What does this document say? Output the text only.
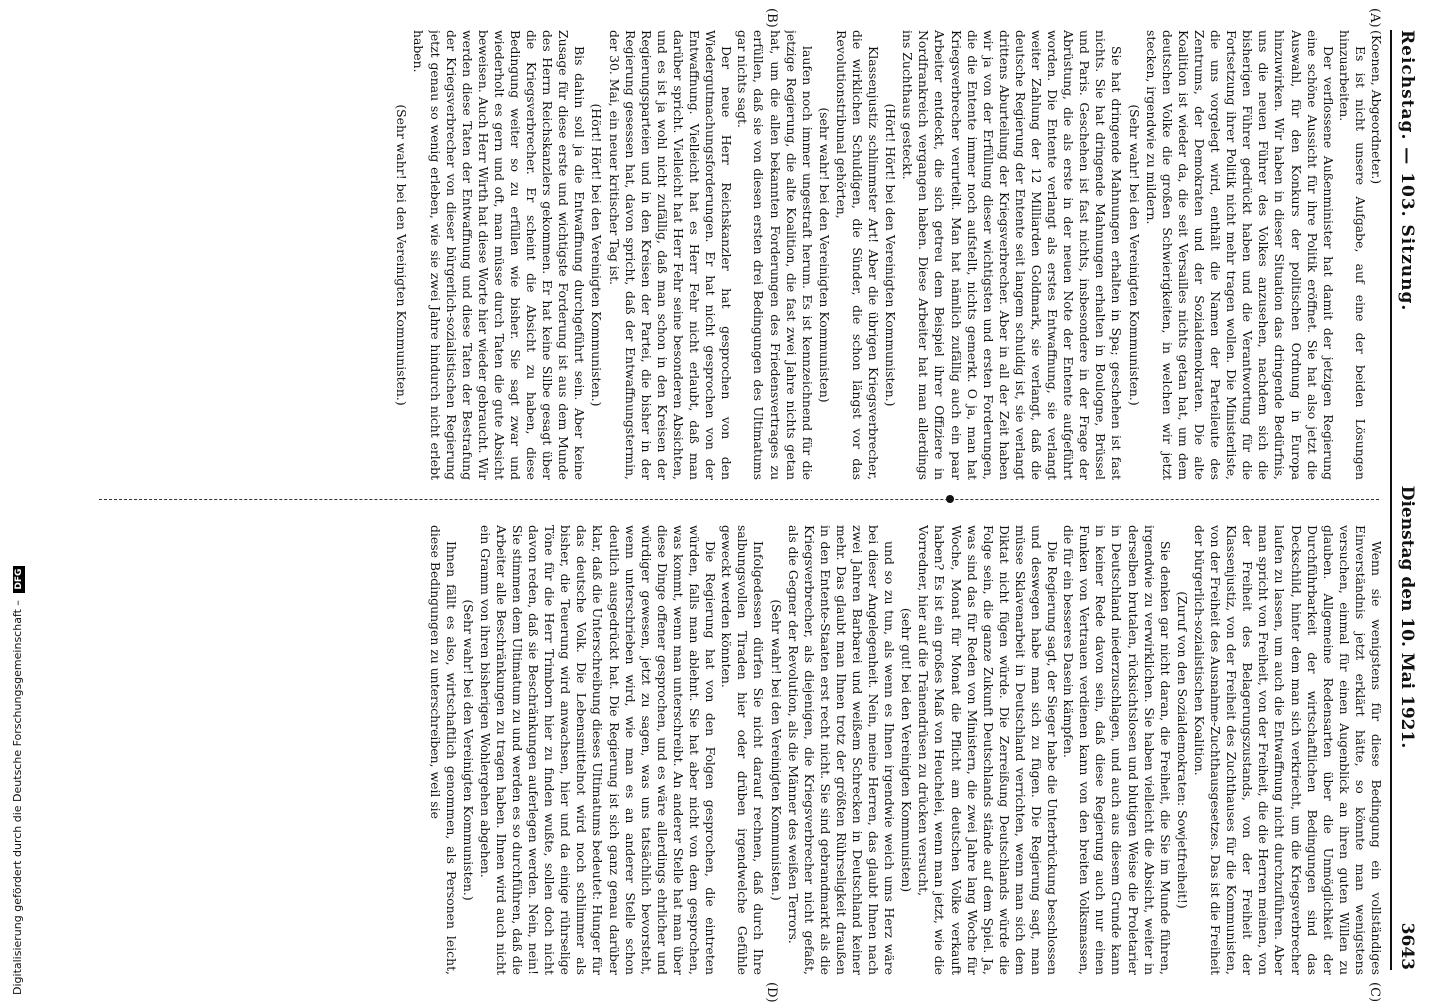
Digitalisierung gefördert durch die Deutsche Forschungsgemeinschaft – DFG
Reichstag. — 103. Sitzung.
Dienstag den 10. Mai 1921.
3643
(A)
(B)
(C)
(D)

(Koenen, Abgeordneter.)

Es ist nicht unsere Aufgabe, auf eine der beiden Lösungen hinzuarbeiten.

Der verflossene Außenminister hat damit der jetzigen Regierung eine schöne Aussicht für ihre Politik eröffnet. Sie hat also jetzt die Auswahl, für den Konkurs der politischen Ordnung in Europa hinzuwirken. Wir haben in dieser Situation das dringende Bedürfnis, uns die neuen Führer des Volkes anzusehen, nachdem sich die bisherigen Führer gedrückt haben und die Verantwortung für die Fortsetzung ihrer Politik nicht mehr tragen wollen. Die Ministerliste, die uns vorgelegt wird, enthält die Namen der Parteileute des Zentrums, der Demokraten und der Sozialdemokraten. Die alte Koalition ist wieder da, die seit Versailles nichts getan hat, um dem deutschen Volke die großen Schwierigkeiten, in welchen wir jetzt stecken, irgendwie zu mildern.

(Sehr wahr! bei den Vereinigten Kommunisten.)

Sie hat dringende Mahnungen erhalten in Spa; geschehen ist fast nichts. Sie hat dringende Mahnungen erhalten in Boulogne, Brüssel und Paris. Geschehen ist fast nichts, insbesondere in der Frage der Abrüstung, die als erste in der neuen Note der Entente aufgeführt worden. Die Entente verlangt als erstes Entwaffnung, sie verlangt weiter Zahlung der 12 Milliarden Goldmark, sie verlangt, daß die deutsche Regierung der Entente seit langem schuldig ist, sie verlangt drittens Aburteilung der Kriegsverbrecher. Aber in all der Zeit haben wir ja von der Erfüllung dieser wichtigsten und ersten Forderungen, die die Entente immer noch aufstellt, nichts gemerkt. O ja, man hat Kriegsverbrecher verurteilt. Man hat nämlich zufällig auch ein paar Arbeiter entdeckt, die sich getreu dem Beispiel ihrer Offiziere in Nordfrankreich vergangen haben. Diese Arbeiter hat man allerdings ins Zuchthaus gesteckt.

(Hört! Hört! bei den Vereinigten Kommunisten.)

Klassenjustiz schlimmster Art! Aber die übrigen Kriegsverbrecher, die wirklichen Schuldigen, die Sünder, die schon längst vor das Revolutionstribunal gehörten,

(sehr wahr! bei den Vereinigten Kommunisten)

laufen noch immer ungestraft herum. Es ist kennzeichnend für die jetzige Regierung, die alte Koalition, die fast zwei Jahre nichts getan hat, um die allen bekannten Forderungen des Friedensvertrages zu erfüllen, daß sie von diesen ersten drei Bedingungen des Ultimatums gar nichts sagt.

Der neue Herr Reichskanzler hat gesprochen von den Wiedergutmachungsforderungen. Er hat nicht gesprochen von der Entwaffnung. Vielleicht hat es Herr Fehr nicht erlaubt, daß man darüber spricht. Vielleicht hat Herr Fehr seine besonderen Absichten, und es ist ja wohl nicht zufällig, daß man schon in den Kreisen der Regierungsparteien und in den Kreisen der Partei, die bisher in der Regierung gesessen hat, davon spricht, daß der Entwaffnungstermin, der 30. Mai, ein neuer kritischer Tag ist.

(Hört! Hört! bei den Vereinigten Kommunisten.)

Bis dahin soll ja die Entwaffnung durchgeführt sein. Aber keine Zusage für diese erste und wichtigste Forderung ist aus dem Munde des Herrn Reichskanzlers gekommen. Er hat keine Silbe gesagt über die Kriegsverbrecher. Er scheint die Absicht zu haben, diese Bedingung weiter so zu erfüllen wie bisher. Sie sagt zwar und wiederholt es gern und oft, man müsse durch Taten die gute Absicht beweisen. Auch Herr Wirth hat diese Worte hier wieder gebraucht. Wir werden diese Taten der Entwaffnung und diese Taten der Bestrafung der Kriegsverbrecher von dieser bürgerlich-sozialistischen Regierung jetzt genau so wenig erleben, wie sie zwei Jahre hindurch nicht erlebt haben.

(Sehr wahr! bei den Vereinigten Kommunisten.)

Wenn sie wenigstens für diese Bedingung ein vollständiges Einverständnis jetzt erklärt hätte, so könnte man wenigstens versuchen, einmal für einen Augenblick an ihren guten Willen zu glauben. Allgemeine Redensarten über die Unmöglichkeit der Durchführbarkeit der wirtschaftlichen Bedingungen sind das Deckschild, hinter dem man sich verkriecht, um die Kriegsverbrecher laufen zu lassen, um auch die Entwaffnung nicht durchzuführen. Aber man spricht von Freiheit, von der Freiheit, die die Herren meinen, von der Freiheit des Belagerungszustands, von der Freiheit der Klassenjustiz, von der Freiheit des Zuchthauses für die Kommunisten, von der Freiheit des Ausnahme-Zuchthausgesetzes. Das ist die Freiheit der bürgerlich-sozialistischen Koalition.

(Zuruf von den Sozialdemokraten: Sowjetfreiheit!)

Sie denken gar nicht daran, die Freiheit, die Sie im Munde führen, irgendwie zu verwirklichen. Sie haben vielleicht die Absicht, weiter in derselben brutalen, rücksichtslosen und blutigen Weise die Proletarier in Deutschland niederzuschlagen, und auch aus diesem Grunde kann in keiner Rede davon sein, daß diese Regierung auch nur einen Funken von Vertrauen verdienen kann von den breiten Volksmassen, die für ein besseres Dasein kämpfen.

Die Regierung sagt, der Sieger habe die Unterbrückung beschlossen und deswegen habe man sich zu fügen. Die Regierung sagt, man müsse Sklavenarbeit in Deutschland verrichten, wenn man sich dem Diktat nicht fügen würde. Die Zerreißung Deutschlands würde die Folge sein, die ganze Zukunft Deutschlands stände auf dem Spiel. Ja, was sind das für Reden von Ministern, die zwei Jahre lang Woche für Woche, Monat für Monat die Pflicht am deutschen Volke verkauft haben? Es ist ein großes Maß von Heuchelei, wenn man jetzt, wie die Vorredner, hier auf die Tränendrüsen zu drücken versucht,

(sehr gut! bei den Vereinigten Kommunisten)

und so zu tun, als wenn es Ihnen irgendwie weich ums Herz wäre bei dieser Angelegenheit. Nein, meine Herren, das glaubt Ihnen nach zwei Jahren Barbarei und weißem Schrecken in Deutschland keiner mehr. Das glaubt man Ihnen trotz der größten Rührseligkeit draußen in den Entente-Staaten erst recht nicht. Sie sind gebrandmarkt als die Kriegsverbrecher, als diejenigen, die Kriegsverbrecher nicht gefaßt, als die Gegner der Revolution, als die Männer des weißen Terrors.

(Sehr wahr! bei den Vereinigten Kommunisten.)

Infolgedessen dürfen Sie nicht darauf rechnen, daß durch Ihre salbungsvollen Tiraden hier oder drüben irgendwelche Gefühle geweckt werden könnten.

Die Regierung hat von den Folgen gesprochen, die eintreten würden, falls man ablehnt. Sie hat aber nicht von dem gesprochen, was kommt, wenn man unterschreibt. An anderer Stelle hat man über diese Dinge offener gesprochen, und es wäre allerdings ehrlicher und würdiger gewesen, jetzt zu sagen, was uns tatsächlich bevorsteht, wenn unterschrieben wird, wie man es an anderer Stelle schon deutlich ausgedrückt hat. Die Regierung ist sich ganz genau darüber klar, daß die Unterschreibung dieses Ultimatums bedeutet: Hunger für das deutsche Volk. Die Lebensmittelnot wird noch schlimmer als bisher, die Teuerung wird anwachsen, hier und da einige rührselige Töne für die Herr Trimborn hier zu finden wußte, sollen doch nicht davon reden, daß sie Beschränkungen auferlegen werden. Nein, nein! Sie stimmen dem Ultimatum zu und werden es so durchführen, daß die Arbeiter alle Beschränkungen zu tragen haben. Ihnen wird auch nicht ein Gramm von ihren bisherigen Wohlergehen abgehen.

(Sehr wahr! bei den Vereinigten Kommunisten.)

Ihnen fällt es also, wirtschaftlich genommen, als Personen leicht, diese Bedingungen zu unterschreiben, weil sie
